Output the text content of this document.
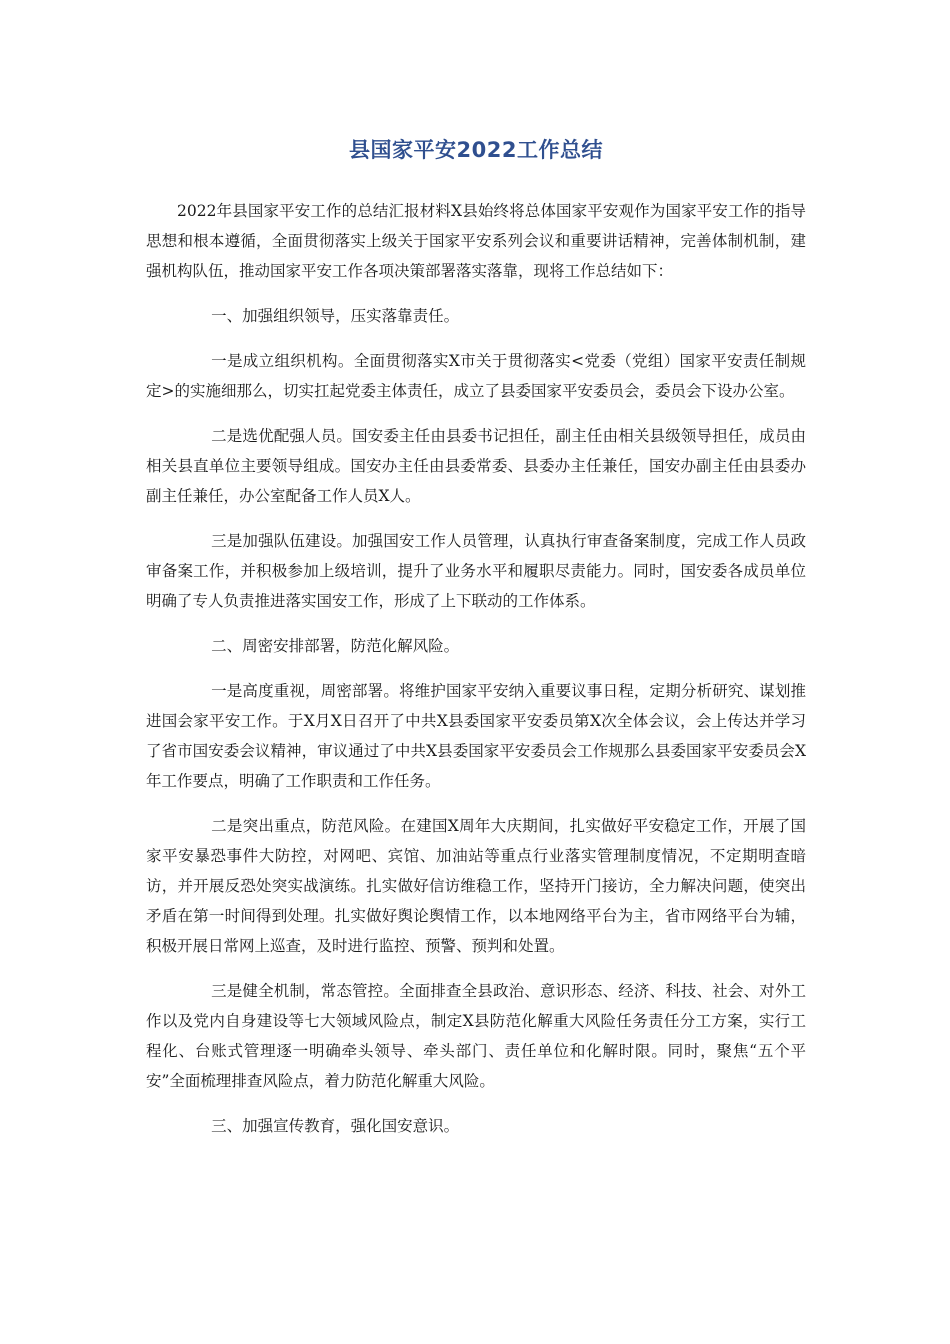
县国家平安2022工作总结

2022年县国家平安工作的总结汇报材料X县始终将总体国家平安观作为国家平安工作的指导思想和根本遵循，全面贯彻落实上级关于国家平安系列会议和重要讲话精神，完善体制机制，建强机构队伍，推动国家平安工作各项决策部署落实落靠，现将工作总结如下：

一、加强组织领导，压实落靠责任。

一是成立组织机构。全面贯彻落实X市关于贯彻落实<党委（党组）国家平安责任制规定>的实施细那么，切实扛起党委主体责任，成立了县委国家平安委员会，委员会下设办公室。

二是选优配强人员。国安委主任由县委书记担任，副主任由相关县级领导担任，成员由相关县直单位主要领导组成。国安办主任由县委常委、县委办主任兼任，国安办副主任由县委办副主任兼任，办公室配备工作人员X人。

三是加强队伍建设。加强国安工作人员管理，认真执行审查备案制度，完成工作人员政审备案工作，并积极参加上级培训，提升了业务水平和履职尽责能力。同时，国安委各成员单位明确了专人负责推进落实国安工作，形成了上下联动的工作体系。

二、周密安排部署，防范化解风险。

一是高度重视，周密部署。将维护国家平安纳入重要议事日程，定期分析研究、谋划推进国会家平安工作。于X月X日召开了中共X县委国家平安委员第X次全体会议，会上传达并学习了省市国安委会议精神，审议通过了中共X县委国家平安委员会工作规那么县委国家平安委员会X年工作要点，明确了工作职责和工作任务。

二是突出重点，防范风险。在建国X周年大庆期间，扎实做好平安稳定工作，开展了国家平安暴恐事件大防控，对网吧、宾馆、加油站等重点行业落实管理制度情况，不定期明查暗访，并开展反恐处突实战演练。扎实做好信访维稳工作，坚持开门接访，全力解决问题，使突出矛盾在第一时间得到处理。扎实做好舆论舆情工作，以本地网络平台为主，省市网络平台为辅，积极开展日常网上巡查，及时进行监控、预警、预判和处置。

三是健全机制，常态管控。全面排查全县政治、意识形态、经济、科技、社会、对外工作以及党内自身建设等七大领域风险点，制定X县防范化解重大风险任务责任分工方案，实行工程化、台账式管理逐一明确牵头领导、牵头部门、责任单位和化解时限。同时，聚焦“五个平安”全面梳理排查风险点，着力防范化解重大风险。

三、加强宣传教育，强化国安意识。
